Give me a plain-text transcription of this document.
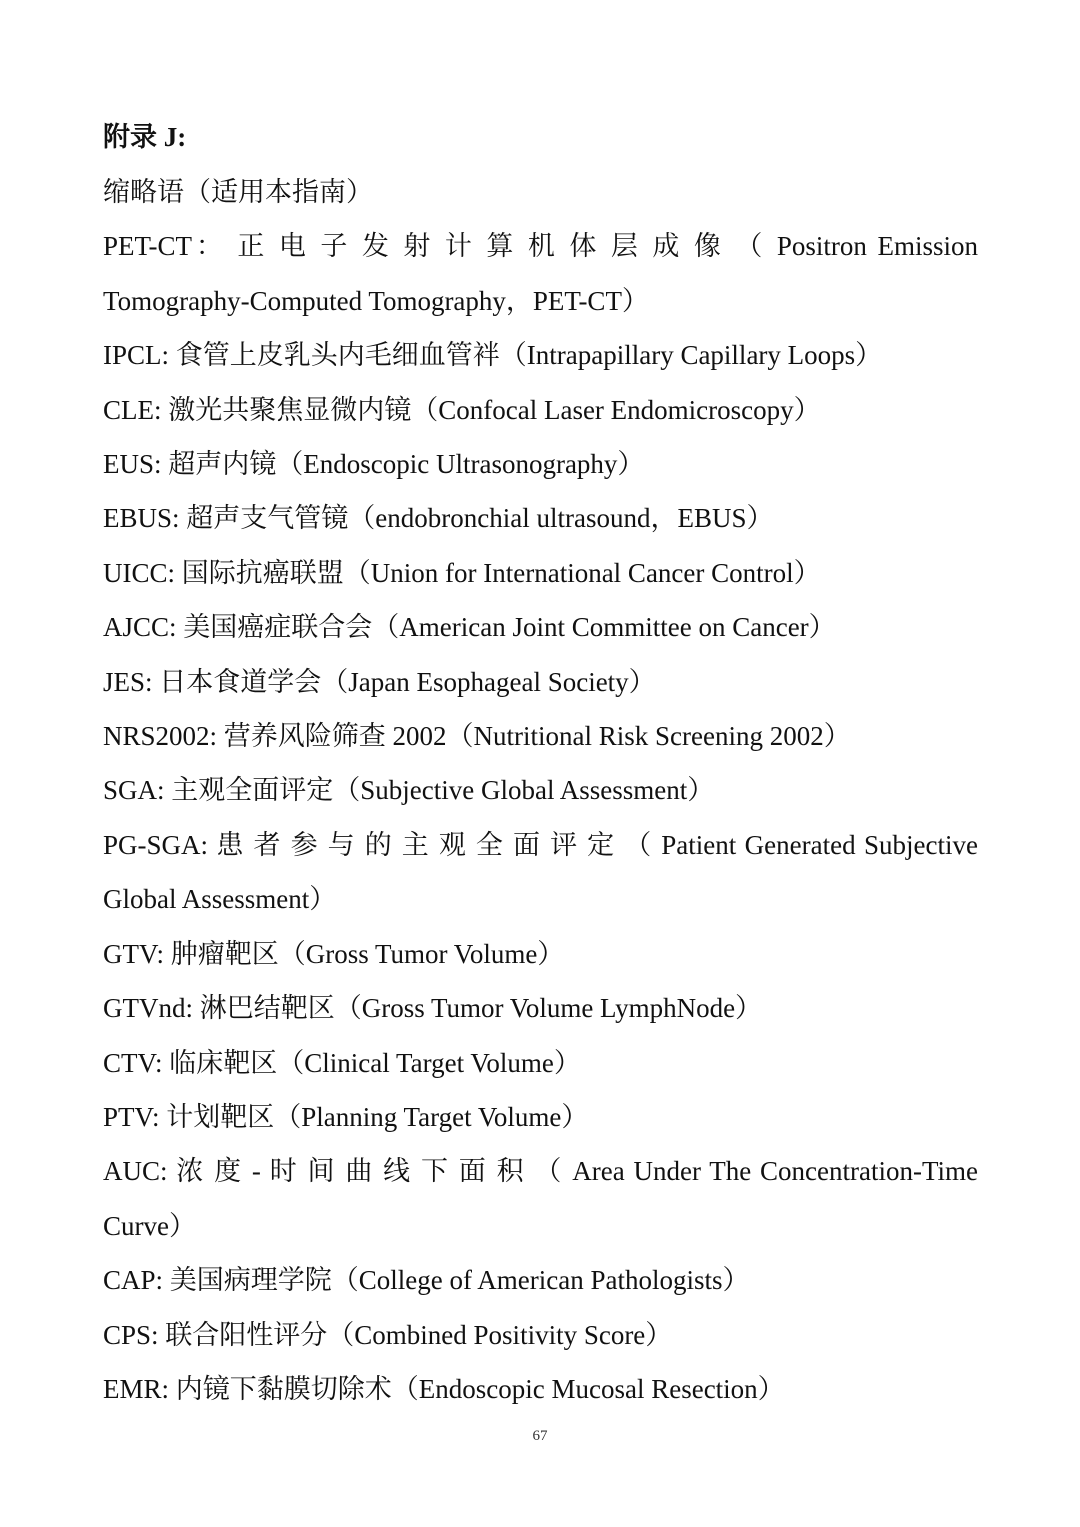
附录 J:
缩略语（适用本指南）
PET-CT： 正 电 子 发 射 计 算 机 体 层 成 像 （ Positron Emission
Tomography-Computed Tomography，PET-CT）
IPCL: 食管上皮乳头内毛细血管袢（Intrapapillary Capillary Loops）
CLE: 激光共聚焦显微内镜（Confocal Laser Endomicroscopy）
EUS: 超声内镜（Endoscopic Ultrasonography）
EBUS: 超声支气管镜（endobronchial ultrasound，EBUS）
UICC: 国际抗癌联盟（Union for International Cancer Control）
AJCC: 美国癌症联合会（American Joint Committee on Cancer）
JES: 日本食道学会（Japan Esophageal Society）
NRS2002: 营养风险筛查 2002（Nutritional Risk Screening 2002）
SGA: 主观全面评定（Subjective Global Assessment）
PG-SGA: 患 者 参 与 的 主 观 全 面 评 定 （ Patient Generated Subjective
Global Assessment）
GTV: 肿瘤靶区（Gross Tumor Volume）
GTVnd: 淋巴结靶区（Gross Tumor Volume LymphNode）
CTV: 临床靶区（Clinical Target Volume）
PTV: 计划靶区（Planning Target Volume）
AUC: 浓 度 - 时 间 曲 线 下 面 积 （ Area Under The Concentration-Time
Curve）
CAP: 美国病理学院（College of American Pathologists）
CPS: 联合阳性评分（Combined Positivity Score）
EMR: 内镜下黏膜切除术（Endoscopic Mucosal Resection）
67
